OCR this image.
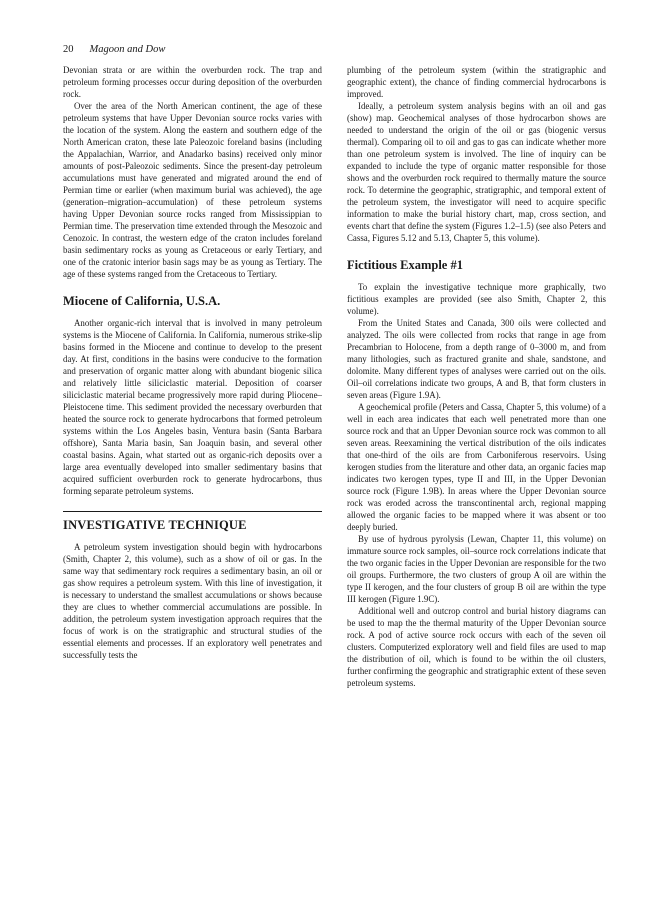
20 Magoon and Dow

Devonian strata or are within the overburden rock. The trap and petroleum forming processes occur during deposition of the overburden rock.

Over the area of the North American continent, the age of these petroleum systems that have Upper Devonian source rocks varies with the location of the system. Along the eastern and southern edge of the North American craton, these late Paleozoic foreland basins (including the Appalachian, Warrior, and Anadarko basins) received only minor amounts of post-Paleozoic sediments. Since the present-day petroleum accumulations must have generated and migrated around the end of Permian time or earlier (when maximum burial was achieved), the age (generation–migration–accumulation) of these petroleum systems having Upper Devonian source rocks ranged from Mississippian to Permian time. The preservation time extended through the Mesozoic and Cenozoic. In contrast, the western edge of the craton includes foreland basin sedimentary rocks as young as Cretaceous or early Tertiary, and one of the cratonic interior basin sags may be as young as Tertiary. The age of these systems ranged from the Cretaceous to Tertiary.

Miocene of California, U.S.A.

Another organic-rich interval that is involved in many petroleum systems is the Miocene of California. In California, numerous strike-slip basins formed in the Miocene and continue to develop to the present day. At first, conditions in the basins were conducive to the formation and preservation of organic matter along with abundant biogenic silica and relatively little siliciclastic material. Deposition of coarser siliciclastic material became progressively more rapid during Pliocene–Pleistocene time. This sediment provided the necessary overburden that heated the source rock to generate hydrocarbons that formed petroleum systems within the Los Angeles basin, Ventura basin (Santa Barbara offshore), Santa Maria basin, San Joaquin basin, and several other coastal basins. Again, what started out as organic-rich deposits over a large area eventually developed into smaller sedimentary basins that acquired sufficient overburden rock to generate hydrocarbons, thus forming separate petroleum systems.

INVESTIGATIVE TECHNIQUE

A petroleum system investigation should begin with hydrocarbons (Smith, Chapter 2, this volume), such as a show of oil or gas. In the same way that sedimentary rock requires a sedimentary basin, an oil or gas show requires a petroleum system. With this line of investigation, it is necessary to understand the smallest accumulations or shows because they are clues to whether commercial accumulations are possible. In addition, the petroleum system investigation approach requires that the focus of work is on the stratigraphic and structural studies of the essential elements and processes. If an exploratory well penetrates and successfully tests the

plumbing of the petroleum system (within the stratigraphic and geographic extent), the chance of finding commercial hydrocarbons is improved.

Ideally, a petroleum system analysis begins with an oil and gas (show) map. Geochemical analyses of those hydrocarbon shows are needed to understand the origin of the oil or gas (biogenic versus thermal). Comparing oil to oil and gas to gas can indicate whether more than one petroleum system is involved. The line of inquiry can be expanded to include the type of organic matter responsible for those shows and the overburden rock required to thermally mature the source rock. To determine the geographic, stratigraphic, and temporal extent of the petroleum system, the investigator will need to acquire specific information to make the burial history chart, map, cross section, and events chart that define the system (Figures 1.2–1.5) (see also Peters and Cassa, Figures 5.12 and 5.13, Chapter 5, this volume).

Fictitious Example #1

To explain the investigative technique more graphically, two fictitious examples are provided (see also Smith, Chapter 2, this volume).

From the United States and Canada, 300 oils were collected and analyzed. The oils were collected from rocks that range in age from Precambrian to Holocene, from a depth range of 0–3000 m, and from many lithologies, such as fractured granite and shale, sandstone, and dolomite. Many different types of analyses were carried out on the oils. Oil–oil correlations indicate two groups, A and B, that form clusters in seven areas (Figure 1.9A).

A geochemical profile (Peters and Cassa, Chapter 5, this volume) of a well in each area indicates that each well penetrated more than one source rock and that an Upper Devonian source rock was common to all seven areas. Reexamining the vertical distribution of the oils indicates that one-third of the oils are from Carboniferous reservoirs. Using kerogen studies from the literature and other data, an organic facies map indicates two kerogen types, type II and III, in the Upper Devonian source rock (Figure 1.9B). In areas where the Upper Devonian source rock was eroded across the transcontinental arch, regional mapping allowed the organic facies to be mapped where it was absent or too deeply buried.

By use of hydrous pyrolysis (Lewan, Chapter 11, this volume) on immature source rock samples, oil–source rock correlations indicate that the two organic facies in the Upper Devonian are responsible for the two oil groups. Furthermore, the two clusters of group A oil are within the type II kerogen, and the four clusters of group B oil are within the type III kerogen (Figure 1.9C).

Additional well and outcrop control and burial history diagrams can be used to map the the thermal maturity of the Upper Devonian source rock. A pod of active source rock occurs with each of the seven oil clusters. Computerized exploratory well and field files are used to map the distribution of oil, which is found to be within the oil clusters, further confirming the geographic and stratigraphic extent of these seven petroleum systems.
